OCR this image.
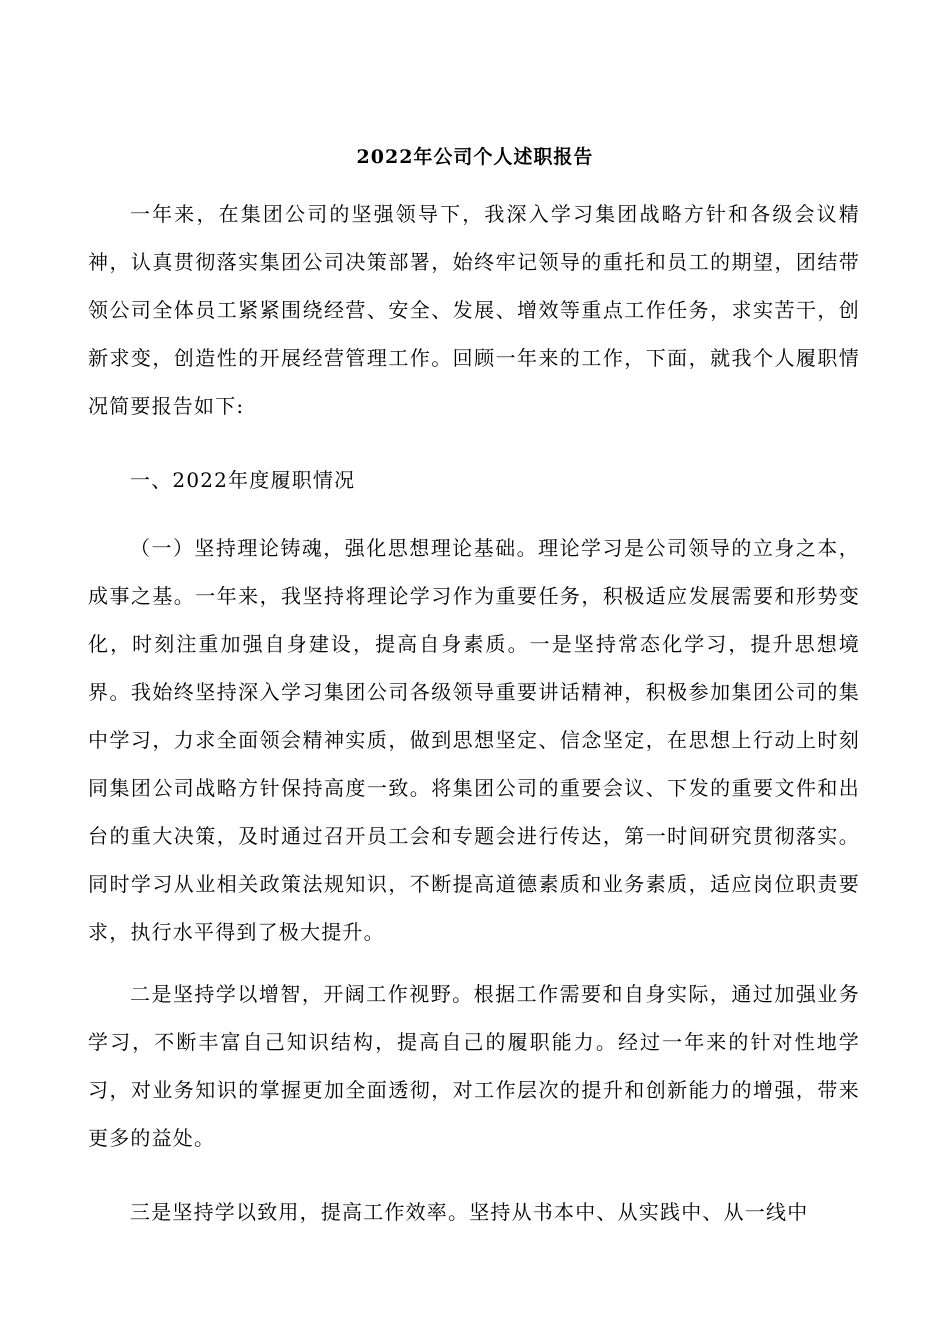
2022年公司个人述职报告

一年来，在集团公司的坚强领导下，我深入学习集团战略方针和各级会议精神，认真贯彻落实集团公司决策部署，始终牢记领导的重托和员工的期望，团结带领公司全体员工紧紧围绕经营、安全、发展、增效等重点工作任务，求实苦干，创新求变，创造性的开展经营管理工作。回顾一年来的工作，下面，就我个人履职情况简要报告如下:

一、2022年度履职情况

（一）坚持理论铸魂，强化思想理论基础。理论学习是公司领导的立身之本，成事之基。一年来，我坚持将理论学习作为重要任务，积极适应发展需要和形势变化，时刻注重加强自身建设，提高自身素质。一是坚持常态化学习，提升思想境界。我始终坚持深入学习集团公司各级领导重要讲话精神，积极参加集团公司的集中学习，力求全面领会精神实质，做到思想坚定、信念坚定，在思想上行动上时刻同集团公司战略方针保持高度一致。将集团公司的重要会议、下发的重要文件和出台的重大决策，及时通过召开员工会和专题会进行传达，第一时间研究贯彻落实。同时学习从业相关政策法规知识，不断提高道德素质和业务素质，适应岗位职责要求，执行水平得到了极大提升。

二是坚持学以增智，开阔工作视野。根据工作需要和自身实际，通过加强业务学习，不断丰富自己知识结构，提高自己的履职能力。经过一年来的针对性地学习，对业务知识的掌握更加全面透彻，对工作层次的提升和创新能力的增强，带来更多的益处。

三是坚持学以致用，提高工作效率。坚持从书本中、从实践中、从一线中
